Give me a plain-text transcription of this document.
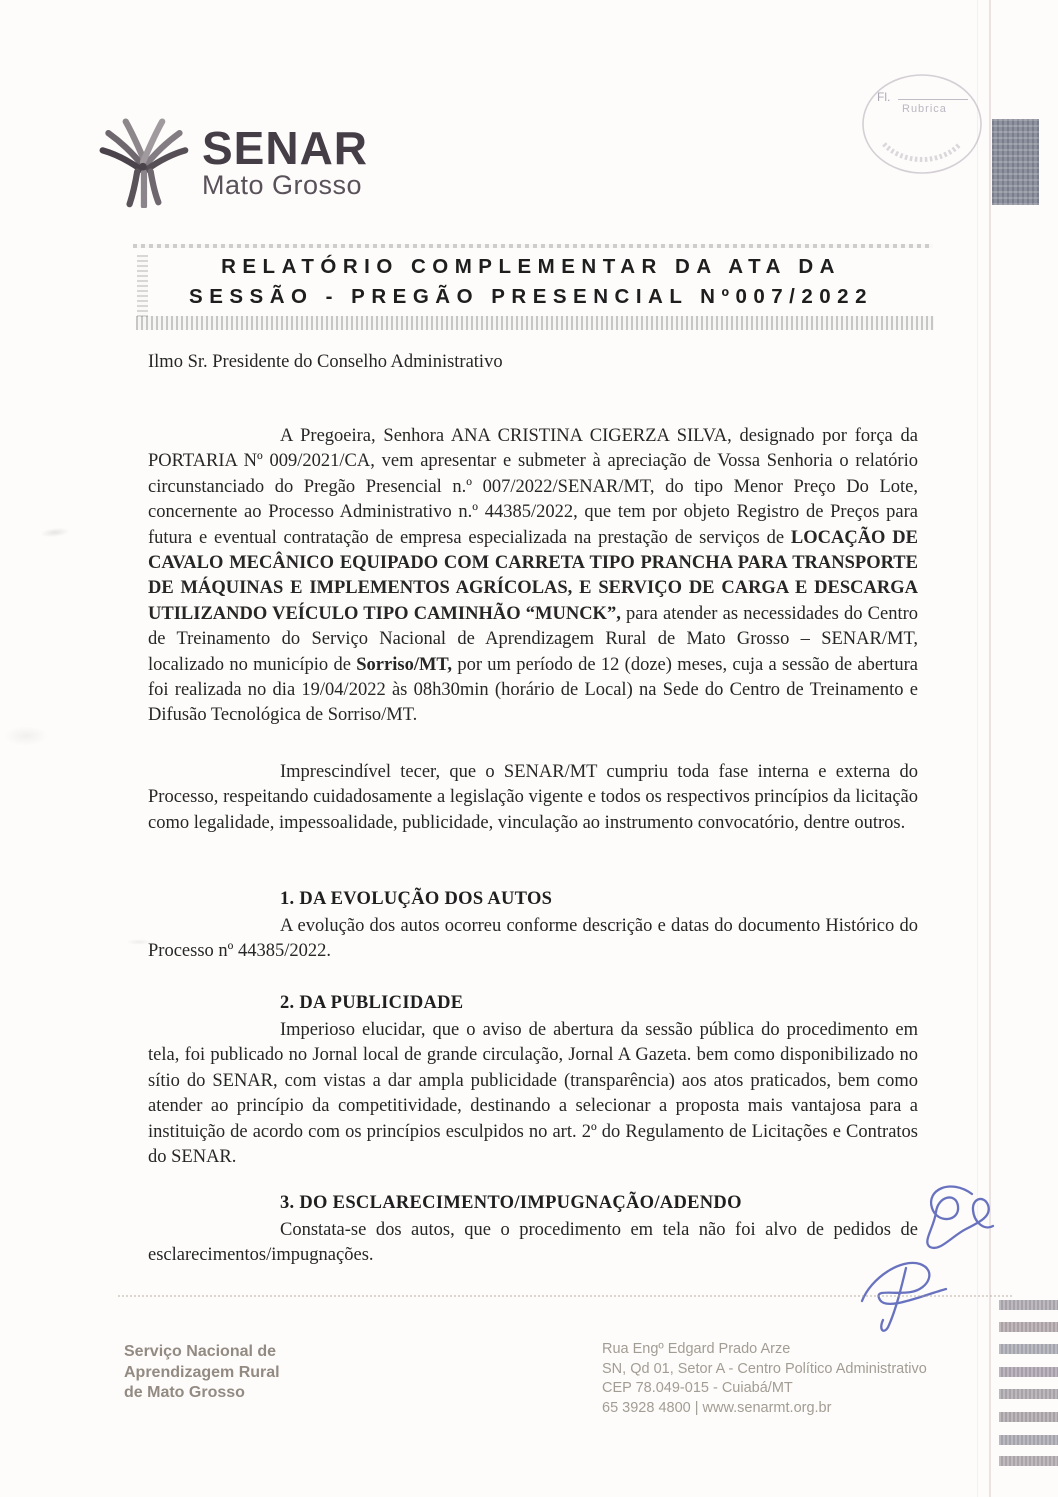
SENAR
Mato Grosso
Fl.
Rubrica
RELATÓRIO COMPLEMENTAR DA ATA DA
SESSÃO - PREGÃO PRESENCIAL Nº007/2022
Ilmo Sr. Presidente do Conselho Administrativo

A Pregoeira, Senhora ANA CRISTINA CIGERZA SILVA, designado por força da PORTARIA Nº 009/2021/CA, vem apresentar e submeter à apreciação de Vossa Senhoria o relatório circunstanciado do Pregão Presencial n.º 007/2022/SENAR/MT, do tipo Menor Preço Do Lote, concernente ao Processo Administrativo n.º 44385/2022, que tem por objeto Registro de Preços para futura e eventual contratação de empresa especializada na prestação de serviços de LOCAÇÃO DE CAVALO MECÂNICO EQUIPADO COM CARRETA TIPO PRANCHA PARA TRANSPORTE DE MÁQUINAS E IMPLEMENTOS AGRÍCOLAS, E SERVIÇO DE CARGA E DESCARGA UTILIZANDO VEÍCULO TIPO CAMINHÃO “MUNCK”, para atender as necessidades do Centro de Treinamento do Serviço Nacional de Aprendizagem Rural de Mato Grosso – SENAR/MT, localizado no município de Sorriso/MT, por um período de 12 (doze) meses, cuja a sessão de abertura foi realizada no dia 19/04/2022 às 08h30min (horário de Local) na Sede do Centro de Treinamento e Difusão Tecnológica de Sorriso/MT.

Imprescindível tecer, que o SENAR/MT cumpriu toda fase interna e externa do Processo, respeitando cuidadosamente a legislação vigente e todos os respectivos princípios da licitação como legalidade, impessoalidade, publicidade, vinculação ao instrumento convocatório, dentre outros.

1. DA EVOLUÇÃO DOS AUTOS

A evolução dos autos ocorreu conforme descrição e datas do documento Histórico do Processo nº 44385/2022.

2. DA PUBLICIDADE

Imperioso elucidar, que o aviso de abertura da sessão pública do procedimento em tela, foi publicado no Jornal local de grande circulação, Jornal A Gazeta. bem como disponibilizado no sítio do SENAR, com vistas a dar ampla publicidade (transparência) aos atos praticados, bem como atender ao princípio da competitividade, destinando a selecionar a proposta mais vantajosa para a instituição de acordo com os princípios esculpidos no art. 2º do Regulamento de Licitações e Contratos do SENAR.

3. DO ESCLARECIMENTO/IMPUGNAÇÃO/ADENDO

Constata-se dos autos, que o procedimento em tela não foi alvo de pedidos de esclarecimentos/impugnações.

Serviço Nacional de
Aprendizagem Rural
de Mato Grosso
Rua Engº Edgard Prado Arze
SN, Qd 01, Setor A - Centro Político Administrativo
CEP 78.049-015 - Cuiabá/MT
65 3928 4800 | www.senarmt.org.br
